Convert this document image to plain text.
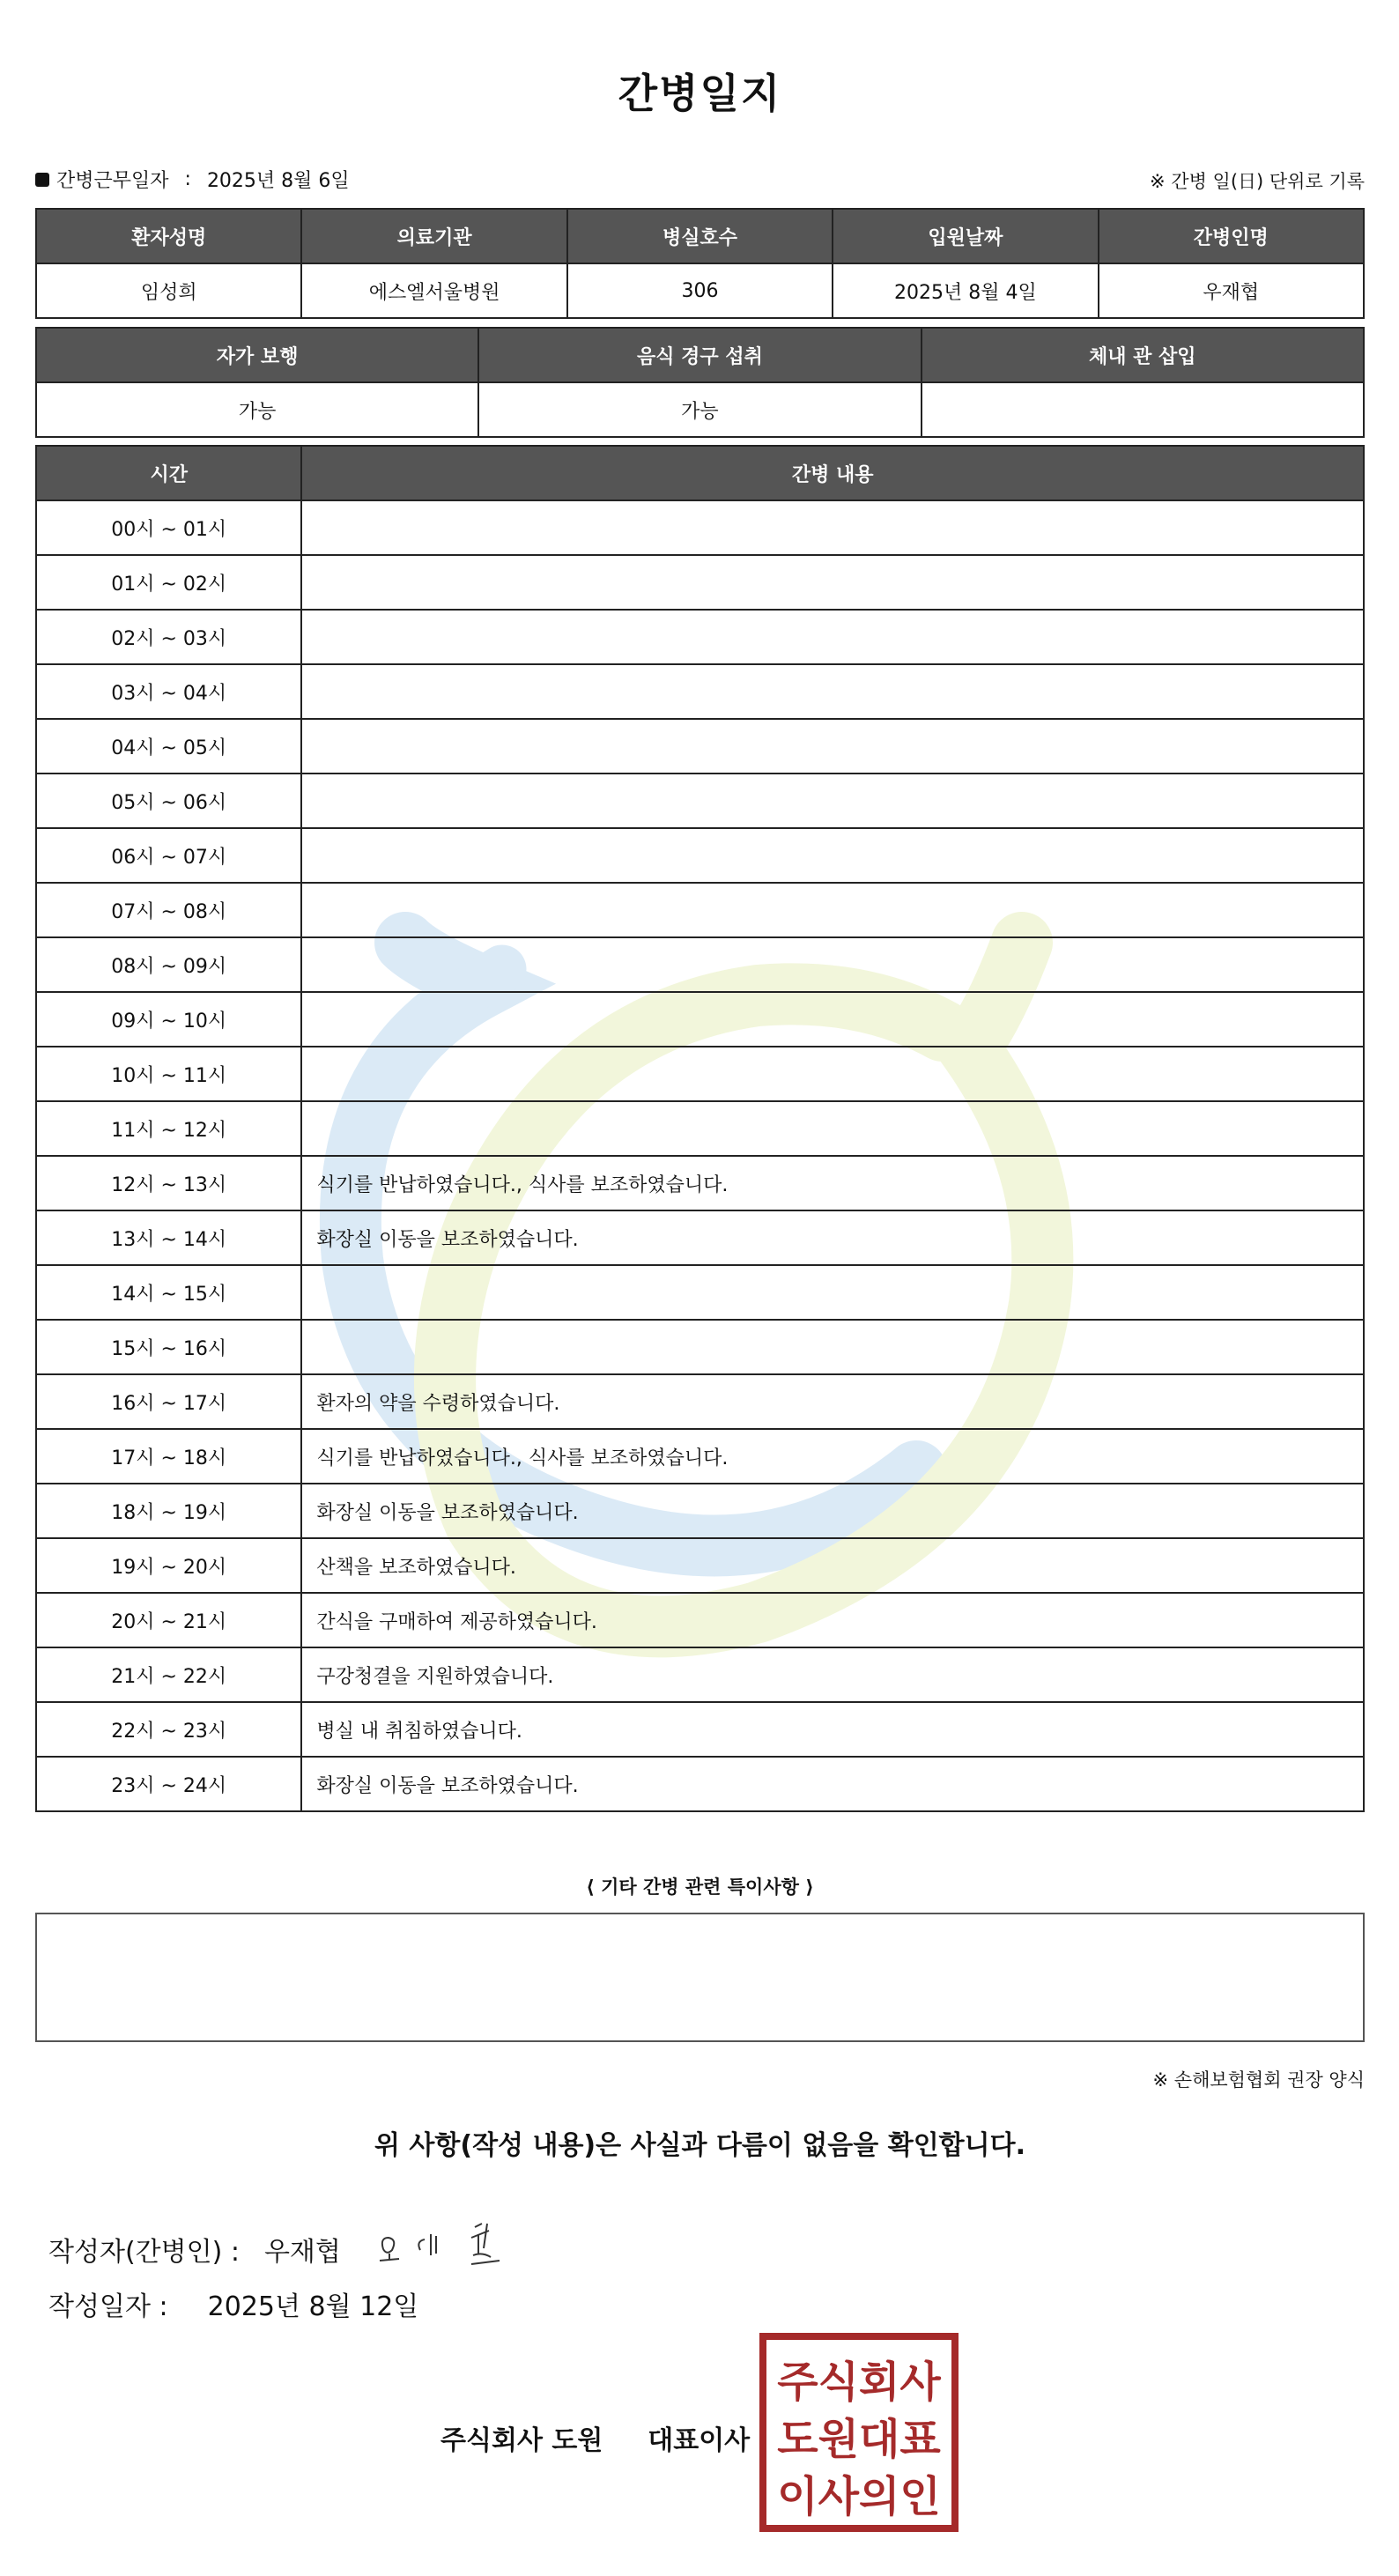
간병일지
간병근무일자 : 2025년 8월 6일	※ 간병 일(日) 단위로 기록
환자성명	의료기관	병실호수	입원날짜	간병인명
임성희	에스엘서울병원	306	2025년 8월 4일	우재협
자가 보행	음식 경구 섭취	체내 관 삽입
가능	가능	
시간	간병 내용
00시 ~ 01시	
01시 ~ 02시	
02시 ~ 03시	
03시 ~ 04시	
04시 ~ 05시	
05시 ~ 06시	
06시 ~ 07시	
07시 ~ 08시	
08시 ~ 09시	
09시 ~ 10시	
10시 ~ 11시	
11시 ~ 12시	
12시 ~ 13시	식기를 반납하였습니다., 식사를 보조하였습니다.
13시 ~ 14시	화장실 이동을 보조하였습니다.
14시 ~ 15시	
15시 ~ 16시	
16시 ~ 17시	환자의 약을 수령하였습니다.
17시 ~ 18시	식기를 반납하였습니다., 식사를 보조하였습니다.
18시 ~ 19시	화장실 이동을 보조하였습니다.
19시 ~ 20시	산책을 보조하였습니다.
20시 ~ 21시	간식을 구매하여 제공하였습니다.
21시 ~ 22시	구강청결을 지원하였습니다.
22시 ~ 23시	병실 내 취침하였습니다.
23시 ~ 24시	화장실 이동을 보조하였습니다.
⟨ 기타 간병 관련 특이사항 ⟩
※ 손해보험협회 권장 양식
위 사항(작성 내용)은 사실과 다름이 없음을 확인합니다.
작성자(간병인) : 우재협
작성일자 : 2025년 8월 12일
주식회사 도원 대표이사
주식회사
도원대표
이사의인
